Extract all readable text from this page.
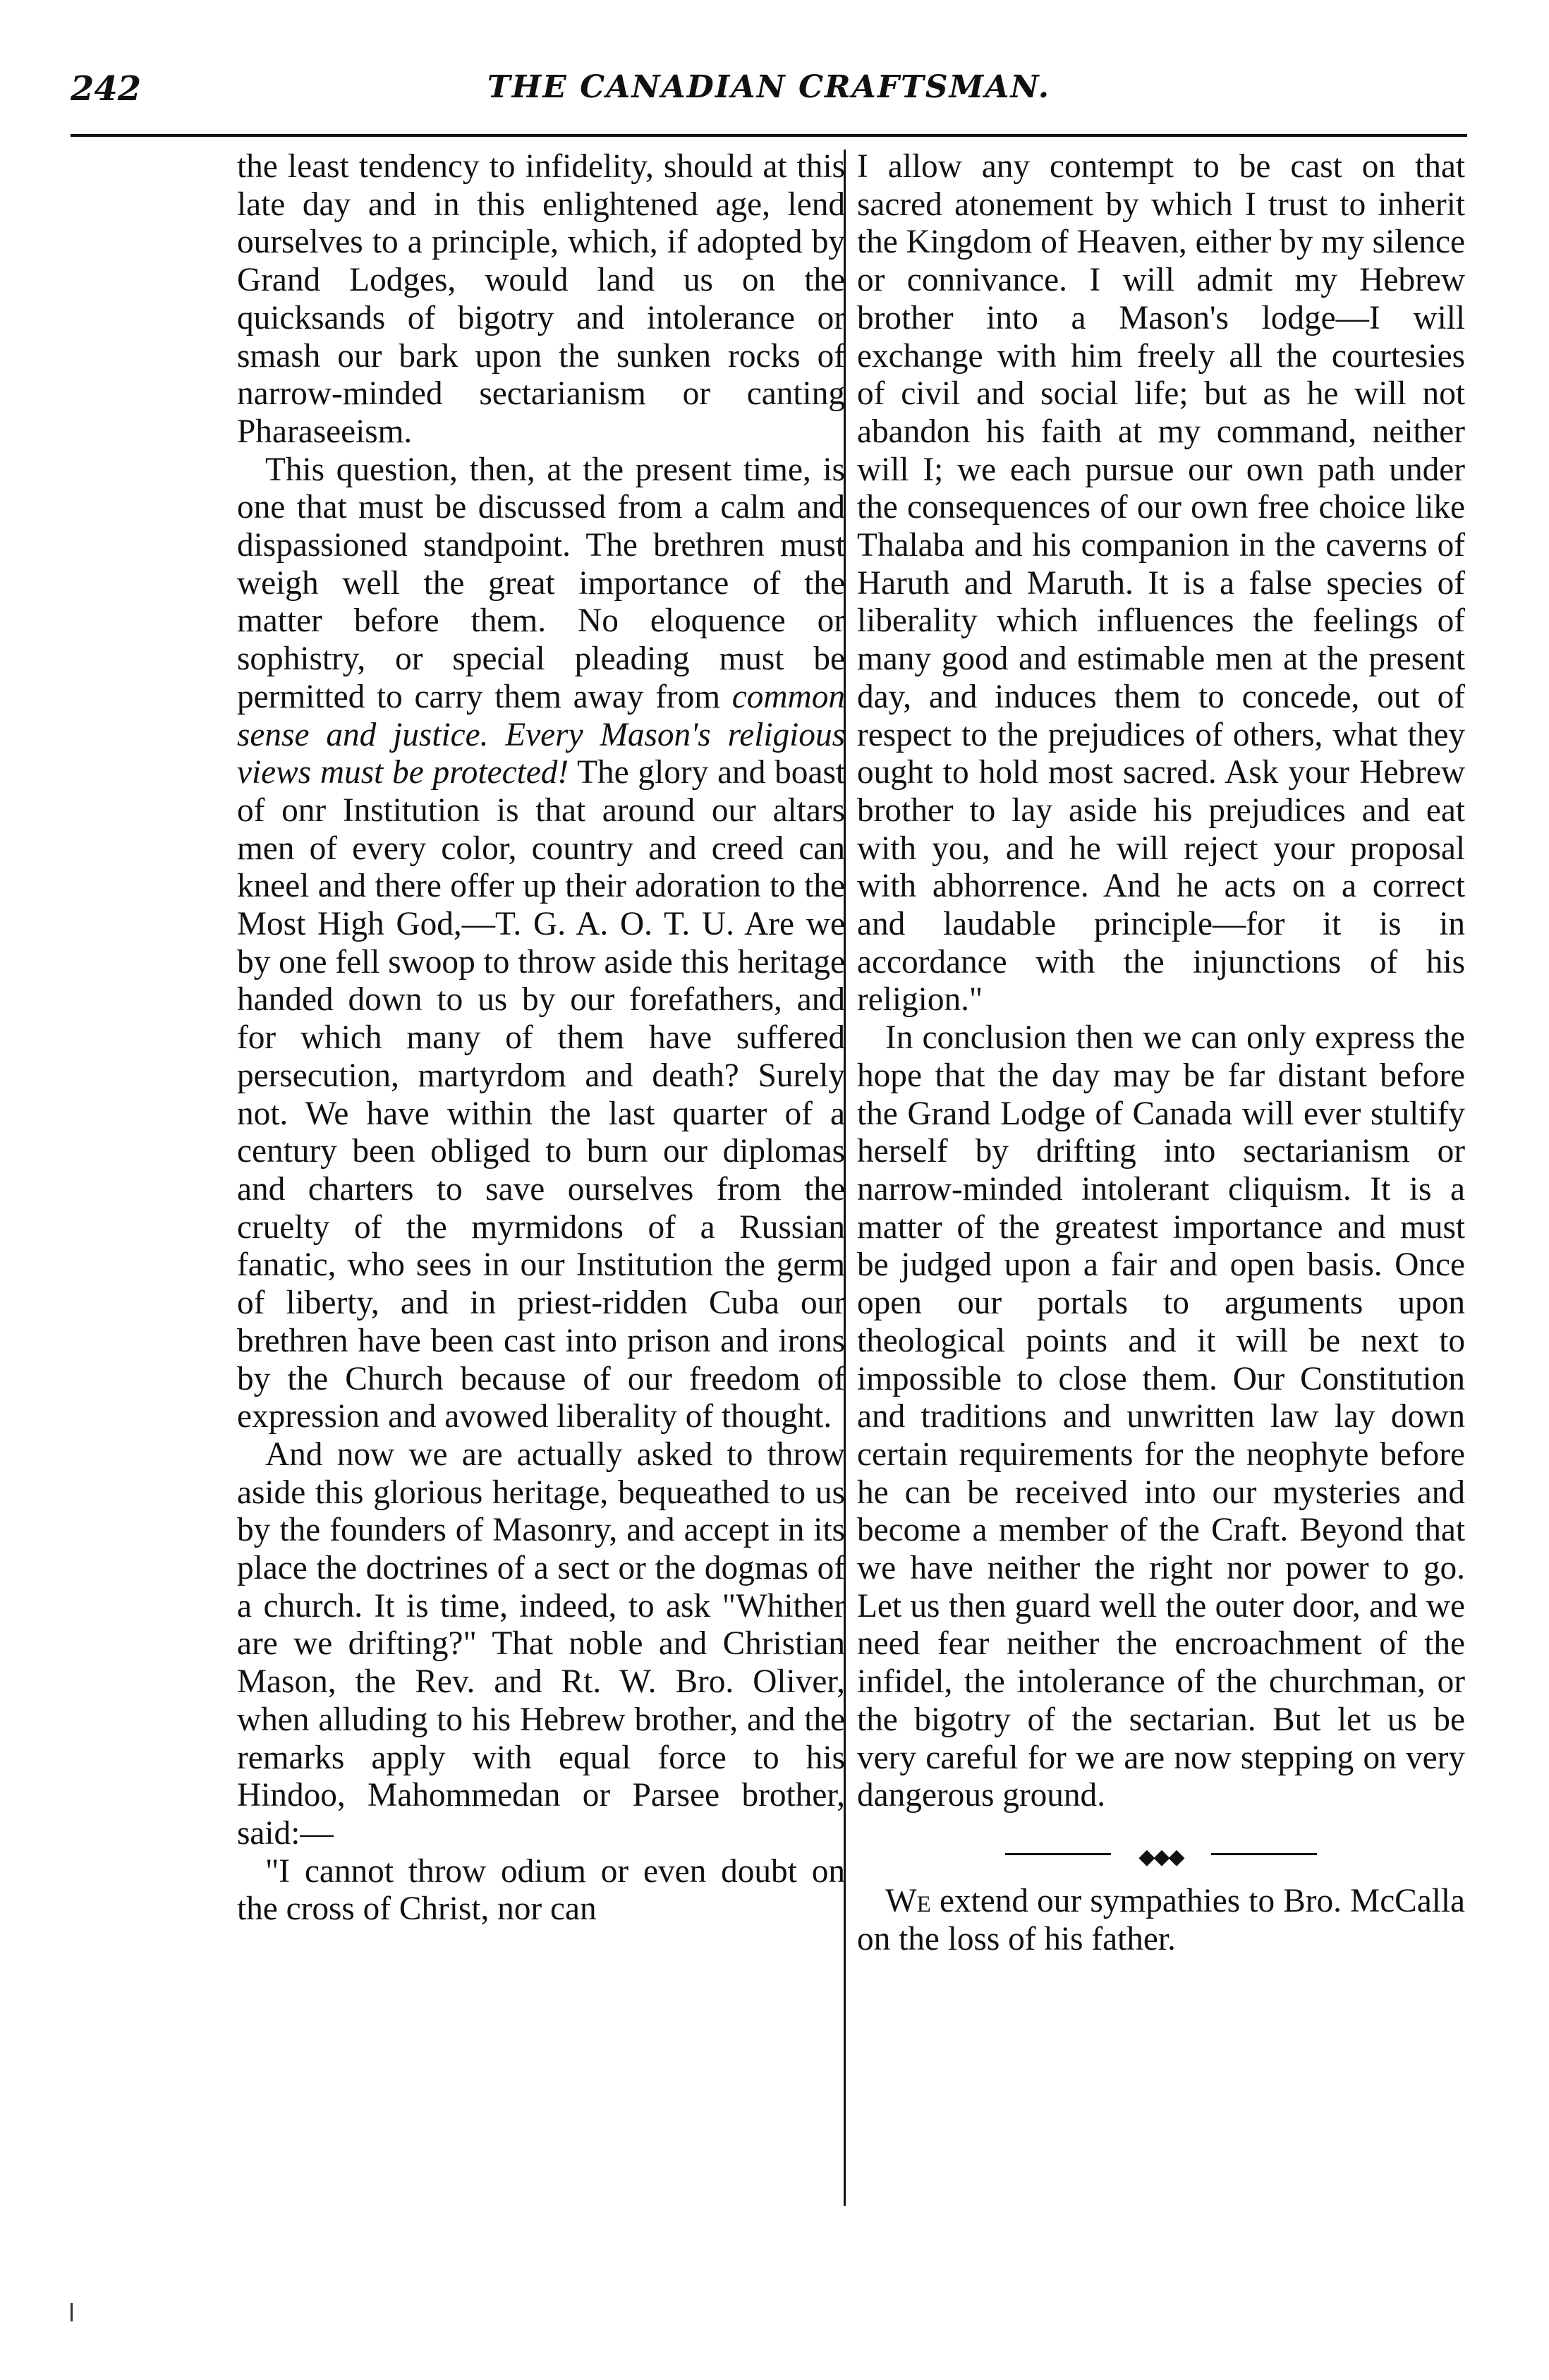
242	THE CANADIAN CRAFTSMAN.

the least tendency to infidelity, should at this late day and in this enlightened age, lend ourselves to a principle, which, if adopted by Grand Lodges, would land us on the quicksands of bigotry and intolerance or smash our bark upon the sunken rocks of narrow-minded sectarianism or canting Pharaseeism.

This question, then, at the present time, is one that must be discussed from a calm and dispassioned standpoint. The brethren must weigh well the great importance of the matter before them. No eloquence or sophistry, or special pleading must be permitted to carry them away from common sense and justice. Every Mason's religious views must be protected! The glory and boast of onr Institution is that around our altars men of every color, country and creed can kneel and there offer up their adoration to the Most High God,—T. G. A. O. T. U. Are we by one fell swoop to throw aside this heritage handed down to us by our forefathers, and for which many of them have suffered persecution, martyrdom and death? Surely not. We have within the last quarter of a century been obliged to burn our diplomas and charters to save ourselves from the cruelty of the myrmidons of a Russian fanatic, who sees in our Institution the germ of liberty, and in priest-ridden Cuba our brethren have been cast into prison and irons by the Church because of our freedom of expression and avowed liberality of thought.

And now we are actually asked to throw aside this glorious heritage, bequeathed to us by the founders of Masonry, and accept in its place the doctrines of a sect or the dogmas of a church. It is time, indeed, to ask "Whither are we drifting?" That noble and Christian Mason, the Rev. and Rt. W. Bro. Oliver, when alluding to his Hebrew brother, and the remarks apply with equal force to his Hindoo, Mahommedan or Parsee brother, said:—

"I cannot throw odium or even doubt on the cross of Christ, nor can

I allow any contempt to be cast on that sacred atonement by which I trust to inherit the Kingdom of Heaven, either by my silence or connivance. I will admit my Hebrew brother into a Mason's lodge—I will exchange with him freely all the courtesies of civil and social life; but as he will not abandon his faith at my command, neither will I; we each pursue our own path under the consequences of our own free choice like Thalaba and his companion in the caverns of Haruth and Maruth. It is a false species of liberality which influences the feelings of many good and estimable men at the present day, and induces them to concede, out of respect to the prejudices of others, what they ought to hold most sacred. Ask your Hebrew brother to lay aside his prejudices and eat with you, and he will reject your proposal with abhorrence. And he acts on a correct and laudable principle—for it is in accordance with the injunctions of his religion."

In conclusion then we can only express the hope that the day may be far distant before the Grand Lodge of Canada will ever stultify herself by drifting into sectarianism or narrow-minded intolerant cliquism. It is a matter of the greatest importance and must be judged upon a fair and open basis. Once open our portals to arguments upon theological points and it will be next to impossible to close them. Our Constitution and traditions and unwritten law lay down certain requirements for the neophyte before he can be received into our mysteries and become a member of the Craft. Beyond that we have neither the right nor power to go. Let us then guard well the outer door, and we need fear neither the encroachment of the infidel, the intolerance of the churchman, or the bigotry of the sectarian. But let us be very careful for we are now stepping on very dangerous ground.

◆◆◆

We extend our sympathies to Bro. McCalla on the loss of his father.
